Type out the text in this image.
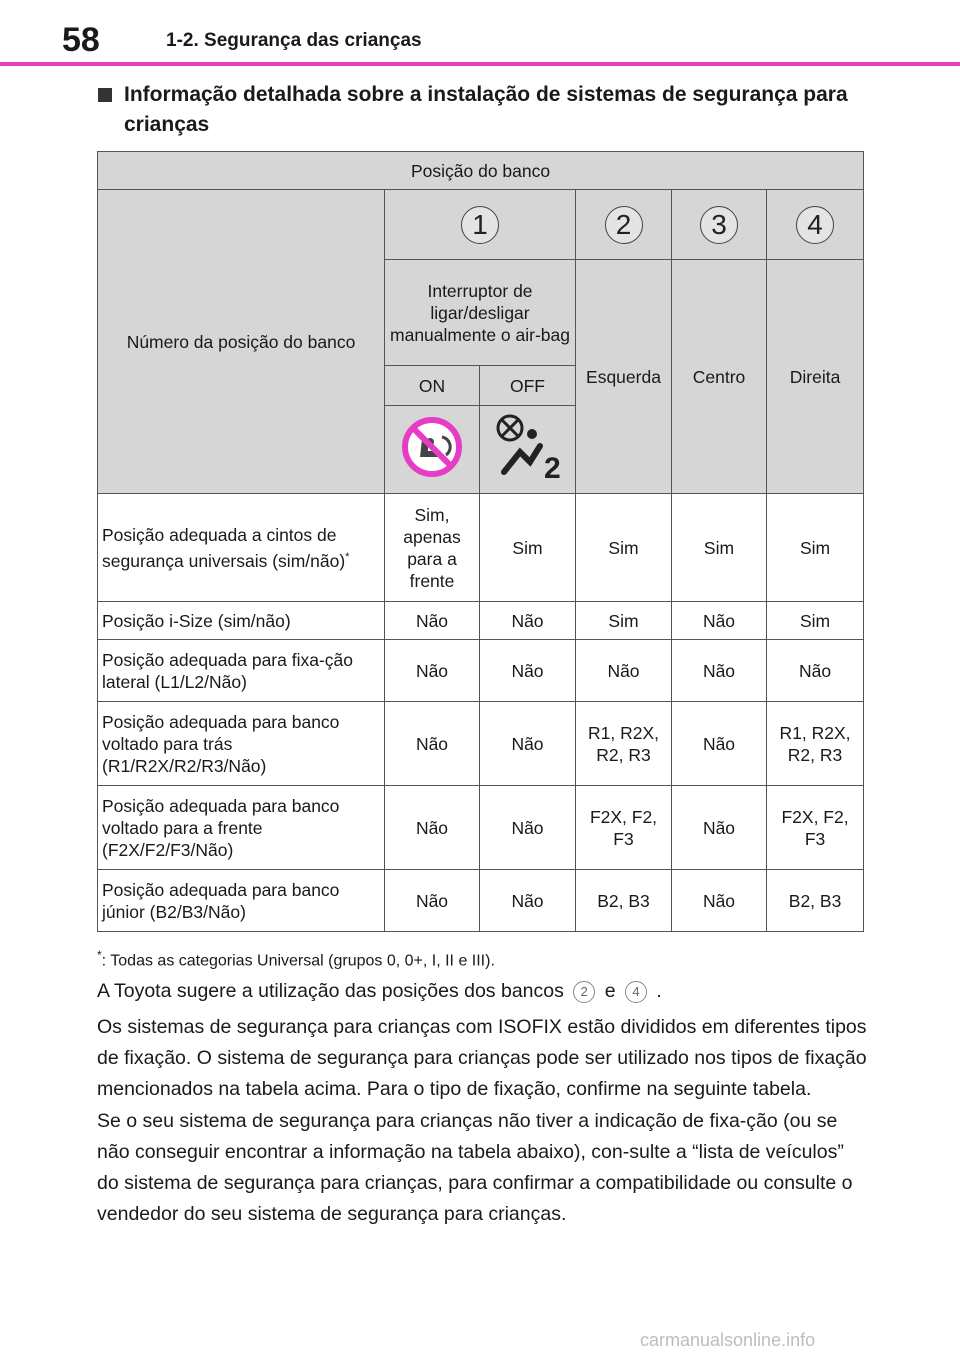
58	1-2. Segurança das crianças
Informação detalhada sobre a instalação de sistemas de segurança para crianças
Posição do banco					
Número da posição do banco	1		2	3	4
	Interruptor de ligar/desligar manualmente o air-bag		Esquerda	Centro	Direita
	ON	OFF			

2			

Posição adequada a cintos de segurança universais (sim/não)*	Sim, apenas para a frente	Sim	Sim	Sim	Sim
Posição i-Size (sim/não)	Não	Não	Sim	Não	Sim
Posição adequada para fixa-ção lateral (L1/L2/Não)	Não	Não	Não	Não	Não
Posição adequada para banco voltado para trás (R1/R2X/R2/R3/Não)	Não	Não	R1, R2X, R2, R3	Não	R1, R2X, R2, R3
Posição adequada para banco voltado para a frente (F2X/F2/F3/Não)	Não	Não	F2X, F2, F3	Não	F2X, F2, F3
Posição adequada para banco júnior (B2/B3/Não)	Não	Não	B2, B3	Não	B2, B3
*: Todas as categorias Universal (grupos 0, 0+, I, II e III).
A Toyota sugere a utilização das posições dos bancos 2 e 4 .
Os sistemas de segurança para crianças com ISOFIX estão divididos em diferentes tipos de fixação. O sistema de segurança para crianças pode ser utilizado nos tipos de fixação mencionados na tabela acima. Para o tipo de fixação, confirme na seguinte tabela.
Se o seu sistema de segurança para crianças não tiver a indicação de fixa-ção (ou se não conseguir encontrar a informação na tabela abaixo), con-sulte a “lista de veículos” do sistema de segurança para crianças, para confirmar a compatibilidade ou consulte o vendedor do seu sistema de segurança para crianças.
carmanualsonline.info
